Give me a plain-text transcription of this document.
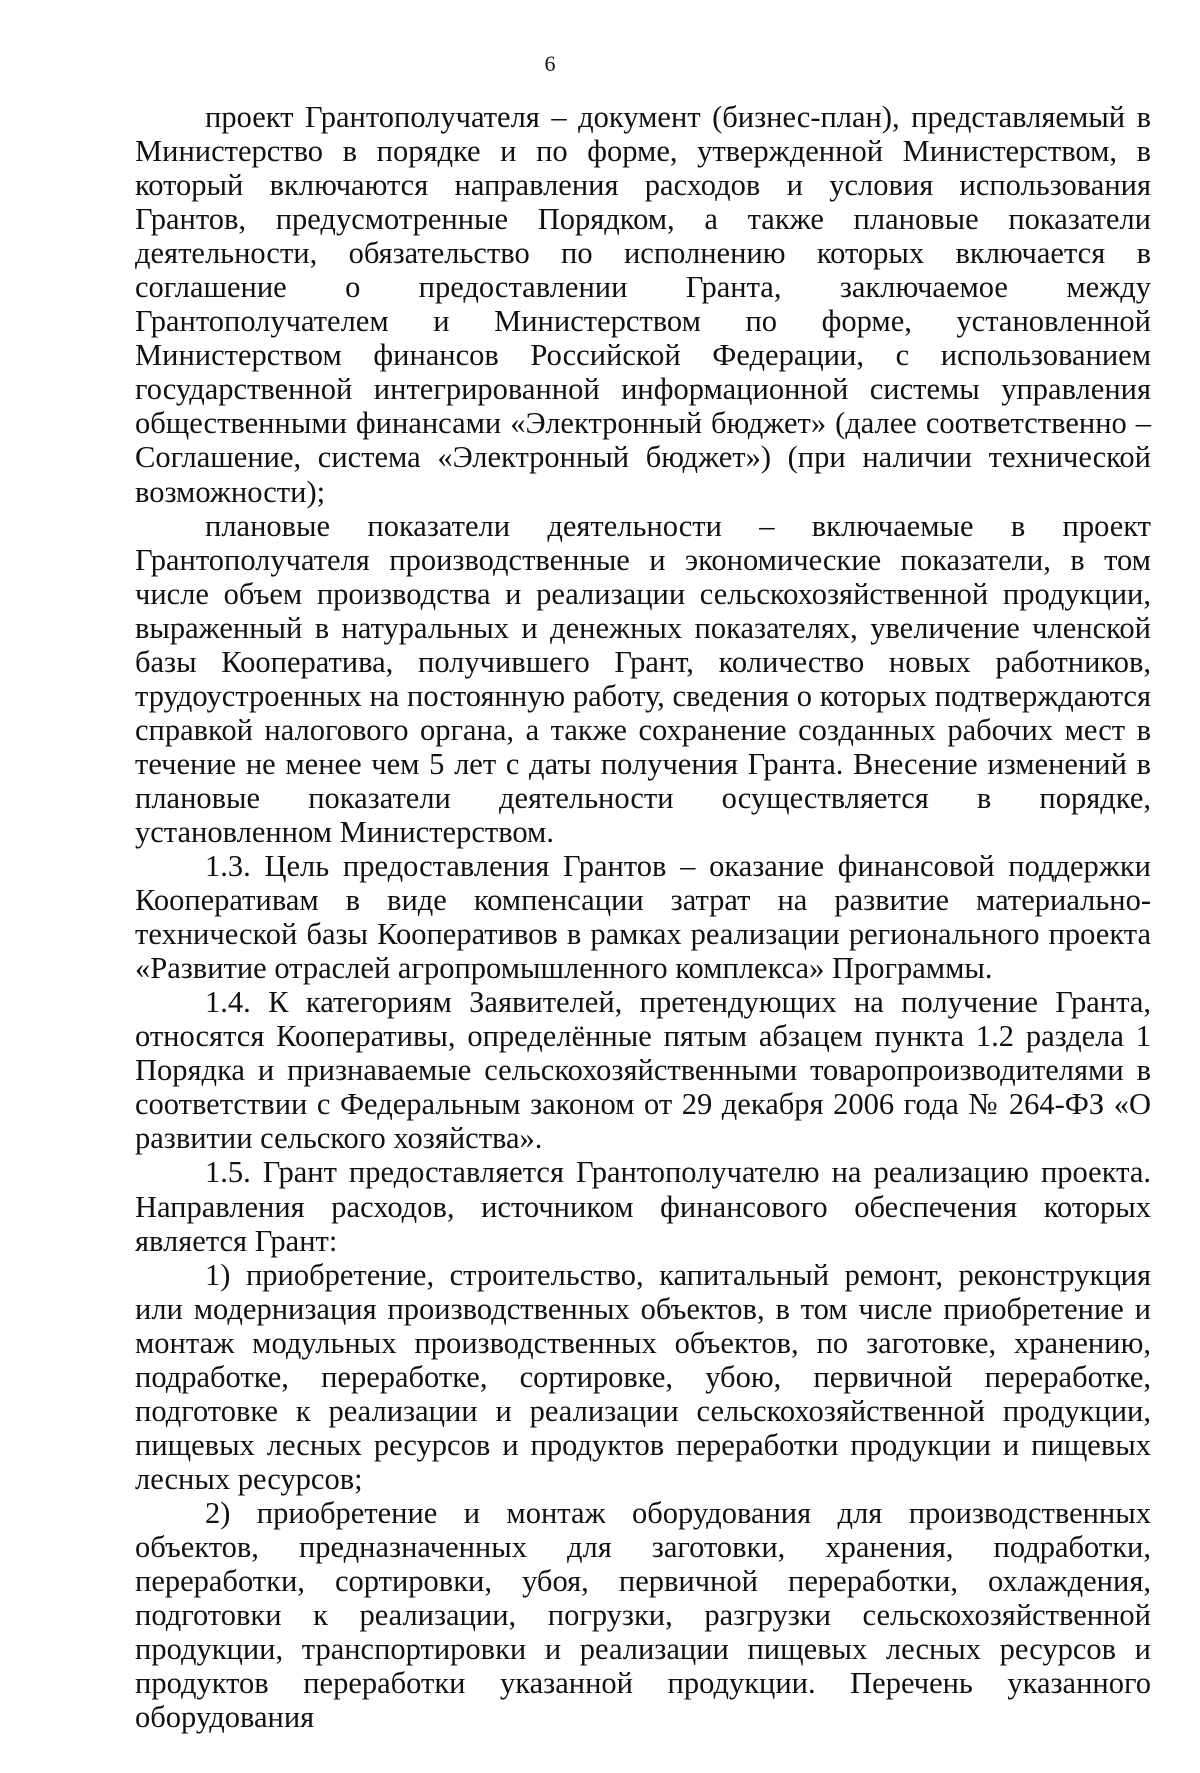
6

проект Грантополучателя – документ (бизнес-план), представляемый в Министерство в порядке и по форме, утвержденной Министерством, в который включаются направления расходов и условия использования Грантов, предусмотренные Порядком, а также плановые показатели деятельности, обязательство по исполнению которых включается в соглашение о предоставлении Гранта, заключаемое между Грантополучателем и Министерством по форме, установленной Министерством финансов Российской Федерации, с использованием государственной интегрированной информационной системы управления общественными финансами «Электронный бюджет» (далее соответственно – Соглашение, система «Электронный бюджет») (при наличии технической возможности);

плановые показатели деятельности – включаемые в проект Грантополучателя производственные и экономические показатели, в том числе объем производства и реализации сельскохозяйственной продукции, выраженный в натуральных и денежных показателях, увеличение членской базы Кооператива, получившего Грант, количество новых работников, трудоустроенных на постоянную работу, сведения о которых подтверждаются справкой налогового органа, а также сохранение созданных рабочих мест в течение не менее чем 5 лет с даты получения Гранта. Внесение изменений в плановые показатели деятельности осуществляется в порядке, установленном Министерством.

1.3. Цель предоставления Грантов – оказание финансовой поддержки Кооперативам в виде компенсации затрат на развитие материально-технической базы Кооперативов в рамках реализации регионального проекта «Развитие отраслей агропромышленного комплекса» Программы.

1.4. К категориям Заявителей, претендующих на получение Гранта, относятся Кооперативы, определённые пятым абзацем пункта 1.2 раздела 1 Порядка и признаваемые сельскохозяйственными товаропроизводителями в соответствии с Федеральным законом от 29 декабря 2006 года № 264-ФЗ «О развитии сельского хозяйства».

1.5. Грант предоставляется Грантополучателю на реализацию проекта. Направления расходов, источником финансового обеспечения которых является Грант:

1) приобретение, строительство, капитальный ремонт, реконструкция или модернизация производственных объектов, в том числе приобретение и монтаж модульных производственных объектов, по заготовке, хранению, подработке, переработке, сортировке, убою, первичной переработке, подготовке к реализации и реализации сельскохозяйственной продукции, пищевых лесных ресурсов и продуктов переработки продукции и пищевых лесных ресурсов;

2) приобретение и монтаж оборудования для производственных объектов, предназначенных для заготовки, хранения, подработки, переработки, сортировки, убоя, первичной переработки, охлаждения, подготовки к реализации, погрузки, разгрузки сельскохозяйственной продукции, транспортировки и реализации пищевых лесных ресурсов и продуктов переработки указанной продукции. Перечень указанного оборудования
